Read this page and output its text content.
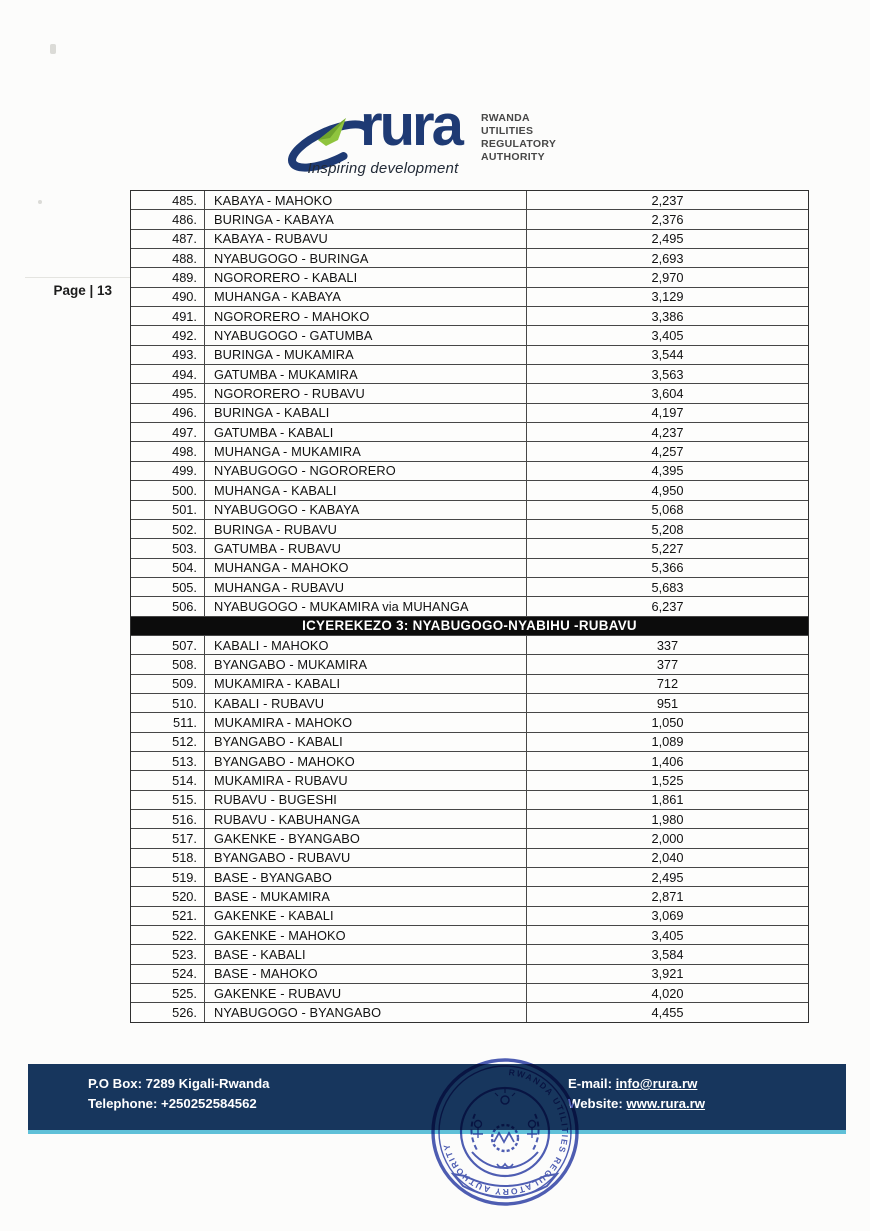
rura
Inspiring development
RWANDA
UTILITIES
REGULATORY
AUTHORITY
Page | 13
485.	KABAYA - MAHOKO	2,237
486.	BURINGA - KABAYA	2,376
487.	KABAYA - RUBAVU	2,495
488.	NYABUGOGO - BURINGA	2,693
489.	NGORORERO - KABALI	2,970
490.	MUHANGA - KABAYA	3,129
491.	NGORORERO - MAHOKO	3,386
492.	NYABUGOGO - GATUMBA	3,405
493.	BURINGA - MUKAMIRA	3,544
494.	GATUMBA - MUKAMIRA	3,563
495.	NGORORERO - RUBAVU	3,604
496.	BURINGA - KABALI	4,197
497.	GATUMBA - KABALI	4,237
498.	MUHANGA - MUKAMIRA	4,257
499.	NYABUGOGO - NGORORERO	4,395
500.	MUHANGA - KABALI	4,950
501.	NYABUGOGO - KABAYA	5,068
502.	BURINGA - RUBAVU	5,208
503.	GATUMBA - RUBAVU	5,227
504.	MUHANGA - MAHOKO	5,366
505.	MUHANGA - RUBAVU	5,683
506.	NYABUGOGO - MUKAMIRA via MUHANGA	6,237
ICYEREKEZO 3: NYABUGOGO-NYABIHU -RUBAVU
507.	KABALI - MAHOKO	337
508.	BYANGABO - MUKAMIRA	377
509.	MUKAMIRA - KABALI	712
510.	KABALI - RUBAVU	951
511.	MUKAMIRA - MAHOKO	1,050
512.	BYANGABO - KABALI	1,089
513.	BYANGABO - MAHOKO	1,406
514.	MUKAMIRA - RUBAVU	1,525
515.	RUBAVU - BUGESHI	1,861
516.	RUBAVU - KABUHANGA	1,980
517.	GAKENKE - BYANGABO	2,000
518.	BYANGABO - RUBAVU	2,040
519.	BASE - BYANGABO	2,495
520.	BASE - MUKAMIRA	2,871
521.	GAKENKE - KABALI	3,069
522.	GAKENKE - MAHOKO	3,405
523.	BASE - KABALI	3,584
524.	BASE - MAHOKO	3,921
525.	GAKENKE - RUBAVU	4,020
526.	NYABUGOGO - BYANGABO	4,455
P.O Box: 7289 Kigali-Rwanda
Telephone: +250252584562
E-mail: info@rura.rw
Website: www.rura.rw
RWANDA UTILITIES REGULATORY AUTHORITY
